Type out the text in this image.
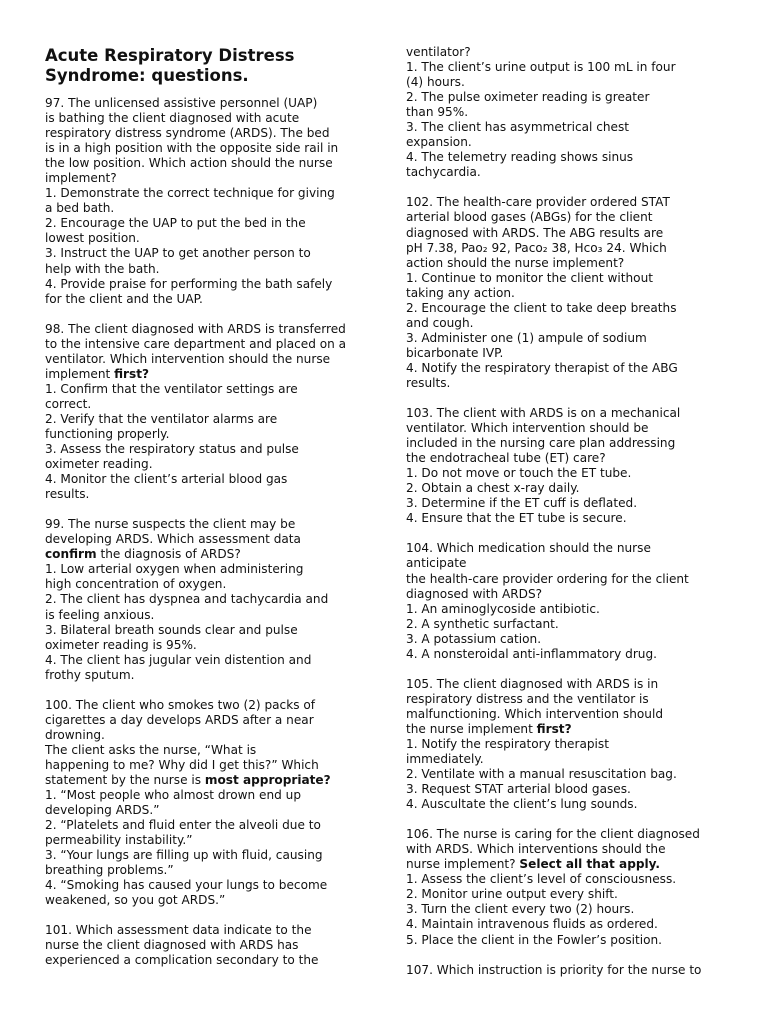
Acute Respiratory Distress
Syndrome: questions.
97. The unlicensed assistive personnel (UAP)
is bathing the client diagnosed with acute
respiratory distress syndrome (ARDS). The bed
is in a high position with the opposite side rail in
the low position. Which action should the nurse
implement?
1. Demonstrate the correct technique for giving
a bed bath.
2. Encourage the UAP to put the bed in the
lowest position.
3. Instruct the UAP to get another person to
help with the bath.
4. Provide praise for performing the bath safely
for the client and the UAP.
98. The client diagnosed with ARDS is transferred
to the intensive care department and placed on a
ventilator. Which intervention should the nurse
implement first?
1. Confirm that the ventilator settings are
correct.
2. Verify that the ventilator alarms are
functioning properly.
3. Assess the respiratory status and pulse
oximeter reading.
4. Monitor the client’s arterial blood gas
results.
99. The nurse suspects the client may be
developing ARDS. Which assessment data
confirm the diagnosis of ARDS?
1. Low arterial oxygen when administering
high concentration of oxygen.
2. The client has dyspnea and tachycardia and
is feeling anxious.
3. Bilateral breath sounds clear and pulse
oximeter reading is 95%.
4. The client has jugular vein distention and
frothy sputum.
100. The client who smokes two (2) packs of
cigarettes a day develops ARDS after a near
drowning.
The client asks the nurse, “What is
happening to me? Why did I get this?” Which
statement by the nurse is most appropriate?
1. “Most people who almost drown end up
developing ARDS.”
2. “Platelets and fluid enter the alveoli due to
permeability instability.”
3. “Your lungs are filling up with fluid, causing
breathing problems.”
4. “Smoking has caused your lungs to become
weakened, so you got ARDS.”
101. Which assessment data indicate to the
nurse the client diagnosed with ARDS has
experienced a complication secondary to the
ventilator?
1. The client’s urine output is 100 mL in four
(4) hours.
2. The pulse oximeter reading is greater
than 95%.
3. The client has asymmetrical chest
expansion.
4. The telemetry reading shows sinus
tachycardia.
102. The health-care provider ordered STAT
arterial blood gases (ABGs) for the client
diagnosed with ARDS. The ABG results are
pH 7.38, Pao₂ 92, Paco₂ 38, Hco₃ 24. Which
action should the nurse implement?
1. Continue to monitor the client without
taking any action.
2. Encourage the client to take deep breaths
and cough.
3. Administer one (1) ampule of sodium
bicarbonate IVP.
4. Notify the respiratory therapist of the ABG
results.
103. The client with ARDS is on a mechanical
ventilator. Which intervention should be
included in the nursing care plan addressing
the endotracheal tube (ET) care?
1. Do not move or touch the ET tube.
2. Obtain a chest x-ray daily.
3. Determine if the ET cuff is deflated.
4. Ensure that the ET tube is secure.
104. Which medication should the nurse
anticipate
the health-care provider ordering for the client
diagnosed with ARDS?
1. An aminoglycoside antibiotic.
2. A synthetic surfactant.
3. A potassium cation.
4. A nonsteroidal anti-inflammatory drug.
105. The client diagnosed with ARDS is in
respiratory distress and the ventilator is
malfunctioning. Which intervention should
the nurse implement first?
1. Notify the respiratory therapist
immediately.
2. Ventilate with a manual resuscitation bag.
3. Request STAT arterial blood gases.
4. Auscultate the client’s lung sounds.
106. The nurse is caring for the client diagnosed
with ARDS. Which interventions should the
nurse implement? Select all that apply.
1. Assess the client’s level of consciousness.
2. Monitor urine output every shift.
3. Turn the client every two (2) hours.
4. Maintain intravenous fluids as ordered.
5. Place the client in the Fowler’s position.
107. Which instruction is priority for the nurse to
